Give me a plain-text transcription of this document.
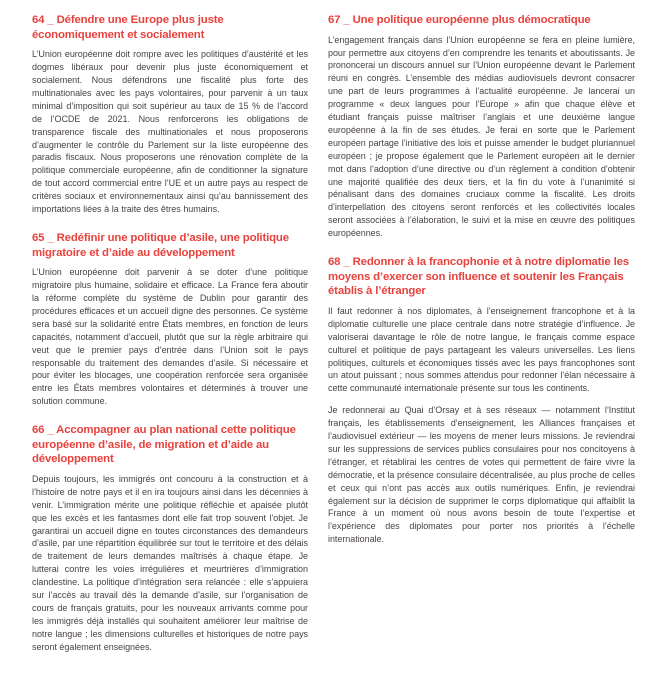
64 _ Défendre une Europe plus juste économiquement et socialement

L’Union européenne doit rompre avec les politiques d’austérité et les dogmes libéraux pour devenir plus juste économiquement et socialement. Nous défendrons une fiscalité plus forte des multinationales avec les pays volontaires, pour parvenir à un taux minimal d’imposition qui soit supérieur au taux de 15 % de l’accord de l’OCDE de 2021. Nous renforcerons les obligations de transparence fiscale des multinationales et nous proposerons d’augmenter le contrôle du Parlement sur la liste européenne des paradis fiscaux. Nous proposerons une rénovation complète de la politique commerciale européenne, afin de conditionner la signature de tout accord commercial entre l’UE et un autre pays au respect de critères sociaux et environnementaux ainsi qu’au bannissement des importations liées à la traite des êtres humains.

65 _ Redéfinir une politique d’asile, une politique migratoire et d’aide au développement

L’Union européenne doit parvenir à se doter d’une politique migratoire plus humaine, solidaire et efficace. La France fera aboutir la réforme complète du système de Dublin pour garantir des procédures efficaces et un accueil digne des personnes. Ce système sera basé sur la solidarité entre États membres, en fonction de leurs capacités, notamment d’accueil, plutôt que sur la règle arbitraire qui veut que le premier pays d’entrée dans l’Union soit le pays responsable du traitement des demandes d’asile. Si nécessaire et pour éviter les blocages, une coopération renforcée sera organisée entre les États membres volontaires et déterminés à trouver une solution commune.

66 _ Accompagner au plan national cette politique européenne d’asile, de migration et d’aide au développement

Depuis toujours, les immigrés ont concouru à la construction et à l’histoire de notre pays et il en ira toujours ainsi dans les décennies à venir. L’immigration mérite une politique réfléchie et apaisée plutôt que les excès et les fantasmes dont elle fait trop souvent l’objet. Je garantirai un accueil digne en toutes circonstances des demandeurs d’asile, par une répartition équilibrée sur tout le territoire et des délais de traitement de leurs demandes maîtrisés à chaque étape. Je lutterai contre les voies irrégulières et meurtrières d’immigration clandestine. La politique d’intégration sera relancée : elle s’appuiera sur l’accès au travail dès la demande d’asile, sur l’organisation de cours de français gratuits, pour les nouveaux arrivants comme pour les immigrés déjà installés qui souhaitent améliorer leur maîtrise de notre langue ; les dimensions culturelles et historiques de notre pays seront également enseignées.

67 _ Une politique européenne plus démocratique

L’engagement français dans l’Union européenne se fera en pleine lumière, pour permettre aux citoyens d’en comprendre les tenants et aboutissants. Je prononcerai un discours annuel sur l’Union européenne devant le Parlement réuni en congrès. L’ensemble des médias audiovisuels devront consacrer une part de leurs programmes à l’actualité européenne. Je lancerai un programme « deux langues pour l’Europe » afin que chaque élève et étudiant français puisse maîtriser l’anglais et une deuxième langue européenne à la fin de ses études. Je ferai en sorte que le Parlement européen partage l’initiative des lois et puisse amender le budget pluriannuel européen ; je propose également que le Parlement européen ait le dernier mot dans l’adoption d’une directive ou d’un règlement à condition d’obtenir une majorité qualifiée des deux tiers, et la fin du vote à l’unanimité si pénalisant dans des domaines cruciaux comme la fiscalité. Les droits d’interpellation des citoyens seront renforcés et les collectivités locales seront associées à l’élaboration, le suivi et la mise en œuvre des politiques européennes.

68 _ Redonner à la francophonie et à notre diplomatie les moyens d’exercer son influence et soutenir les Français établis à l’étranger

Il faut redonner à nos diplomates, à l’enseignement francophone et à la diplomatie culturelle une place centrale dans notre stratégie d’influence. Je valoriserai davantage le rôle de notre langue, le français comme espace culturel et politique de pays partageant les valeurs universelles. Les liens politiques, culturels et économiques tissés avec les pays francophones sont un atout puissant ; nous sommes attendus pour redonner l’élan nécessaire à cette communauté internationale présente sur tous les continents.

Je redonnerai au Quai d’Orsay et à ses réseaux — notamment l’Institut français, les établissements d’enseignement, les Alliances françaises et l’audiovisuel extérieur — les moyens de mener leurs missions. Je reviendrai sur les suppressions de services publics consulaires pour nos concitoyens à l’étranger, et rétablirai les centres de votes qui permettent de faire vivre la démocratie, et la présence consulaire décentralisée, au plus proche de celles et ceux qui n’ont pas accès aux outils numériques. Enfin, je reviendrai également sur la décision de supprimer le corps diplomatique qui affaiblit la France à un moment où nous avons besoin de toute l’expertise et l’expérience des diplomates pour porter nos priorités à l’échelle internationale.
